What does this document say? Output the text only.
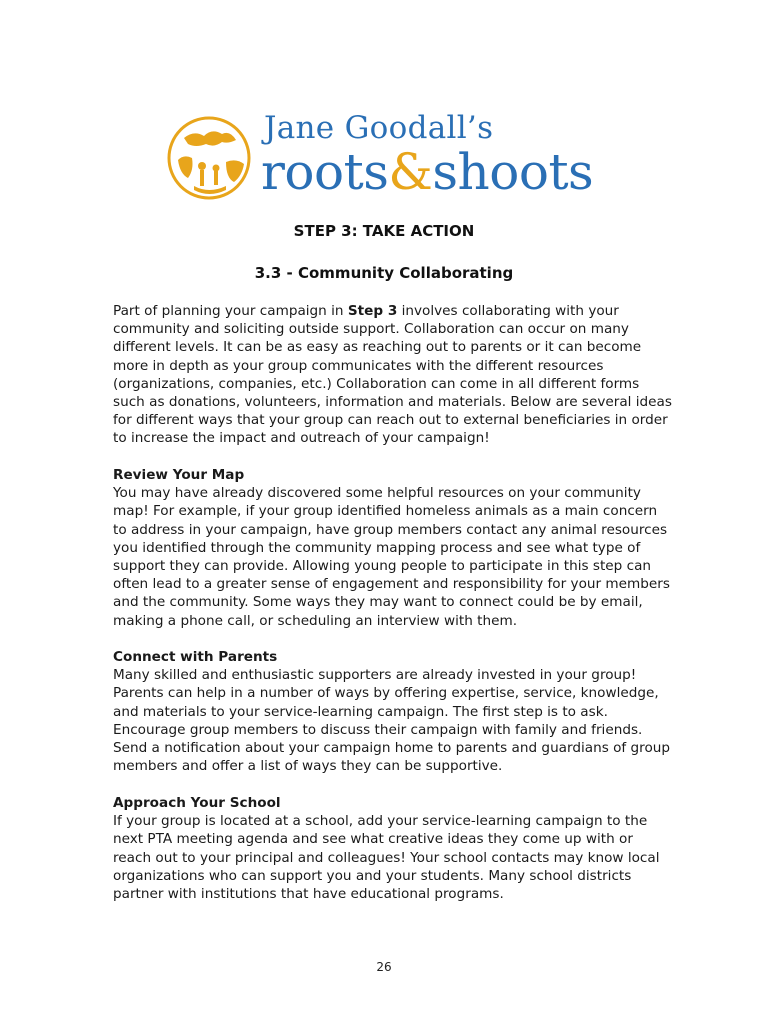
Jane Goodall’s
roots&shoots
STEP 3: TAKE ACTION
3.3 - Community Collaborating

Part of planning your campaign in Step 3 involves collaborating with your community and soliciting outside support. Collaboration can occur on many different levels. It can be as easy as reaching out to parents or it can become more in depth as your group communicates with the different resources (organizations, companies, etc.) Collaboration can come in all different forms such as donations, volunteers, information and materials. Below are several ideas for different ways that your group can reach out to external beneficiaries in order to increase the impact and outreach of your campaign!

Review Your Map

You may have already discovered some helpful resources on your community map! For example, if your group identified homeless animals as a main concern to address in your campaign, have group members contact any animal resources you identified through the community mapping process and see what type of support they can provide. Allowing young people to participate in this step can often lead to a greater sense of engagement and responsibility for your members and the community. Some ways they may want to connect could be by email, making a phone call, or scheduling an interview with them.

Connect with Parents

Many skilled and enthusiastic supporters are already invested in your group! Parents can help in a number of ways by offering expertise, service, knowledge, and materials to your service-learning campaign. The first step is to ask. Encourage group members to discuss their campaign with family and friends. Send a notification about your campaign home to parents and guardians of group members and offer a list of ways they can be supportive.

Approach Your School

If your group is located at a school, add your service-learning campaign to the next PTA meeting agenda and see what creative ideas they come up with or reach out to your principal and colleagues! Your school contacts may know local organizations who can support you and your students. Many school districts partner with institutions that have educational programs.

26
